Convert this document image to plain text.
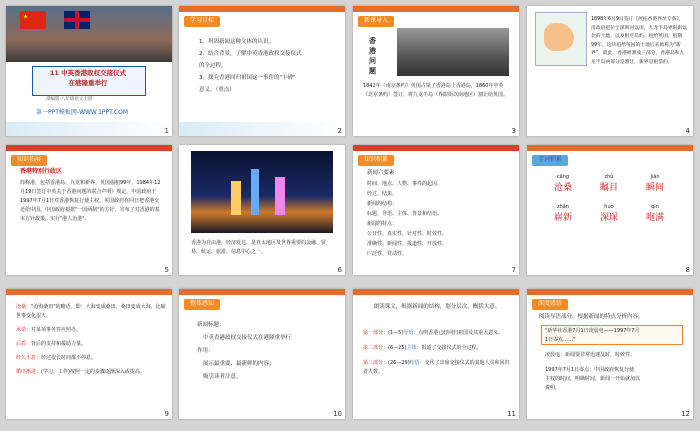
11 中英香港政权交接仪式
在港隆重举行
部编版·八年级语文上册
第一PPT模板网-WWW.1PPT.COM
1
学习目标
1．巩固新闻这种文体的认识。
2．结合背景，了解中英香港政权交接仪式
的全过程。
3．探究香港回归祖国这一事件的"丰碑"
意义。（重点）
2
新课导入
香港问题
1842年《南京条约》英国占领了香港岛土香港岛，1860年中英《北京条约》签订，将九龙半岛（界限街以南地区）割让给英国。
3
1898年6月9日签订《展拓香港界址专条》，清政府把位于深圳河以南，九龙半岛界限街以北的土地，以及附近岛屿，租给英国，租期99年。这块租给英国的土地后来被称为"新界"。就此，香港被割成三部分，香港岛和九龙半岛两部分是割让，新界是租借的。
4
知识拓展
香港特别行政区
简称港，包括香港岛、九龙和新界。英国强租99年，1984年12月19日签订中英关于香港问题的联合声明》规定，中国政府于1997年7月1日对香港恢复行使主权，英国政府在同日把香港交还给中国。中国政府根据"一国两制"的方针，宣布了对香港的基本方针政策，实行"港人治港"。
5
香港为自由港，经济发达，是亚太地区及世界重要的金融、贸易、航运、旅游、信息中心之一。
6
知识积累
新闻六要素：
时间、地点、人物、事件的起因、
经过、结果。
新闻的结构：
标题、导语、主体、背景和结语。
新闻的特点：
公开性、真实性、针对性、时效性、
准确性、新闻性、报道性、开放性、
广泛性、党动性。
7
字词积累
cāng
沧桑
zhǔ
瞩目
jiān
瞬间
zhǎn
崭新
huò
深琛
qìn
咆满
8
沧桑："沧海桑田"的略语。即：大海变成桑田，桑田变成大海，比喻世事变化很大。
承诺：对某项事务答应照办。
后盾：背后的支持和援助力量。
经久不息：经过很长时间都不停息。
循序渐进：(学习、工作)按照一定的步骤逐渐深入或提高。
9
整体感知
新闻标题：
中英香港政权交接仪式在港隆重举行
作用：
展示最重要、最新鲜的内容；
吸引读者注意。
10
朗读课文，根据新闻的结构，划分层次，概括大意。
第一部分：(1—5)导语：点明香港已经回归祖国及其重大意义。
第二部分：(6—25)主体：报道了交接仪式的全过程。
第三部分：(26—29)结语：交代了出席交接仪式的其他人员和回归者人数。
11
深度感悟
阅读导语部分，根据新闻的特点分析内容。
"新华社香港7月1日凌晨电——1997年7月
1日零点……"
凌晨电：新闻要非常迅速及时，时效性。
1997年7月1日零点：中国政府恢复行使
主权的时间，明确时间，新闻一开始就加以
说明。
12
